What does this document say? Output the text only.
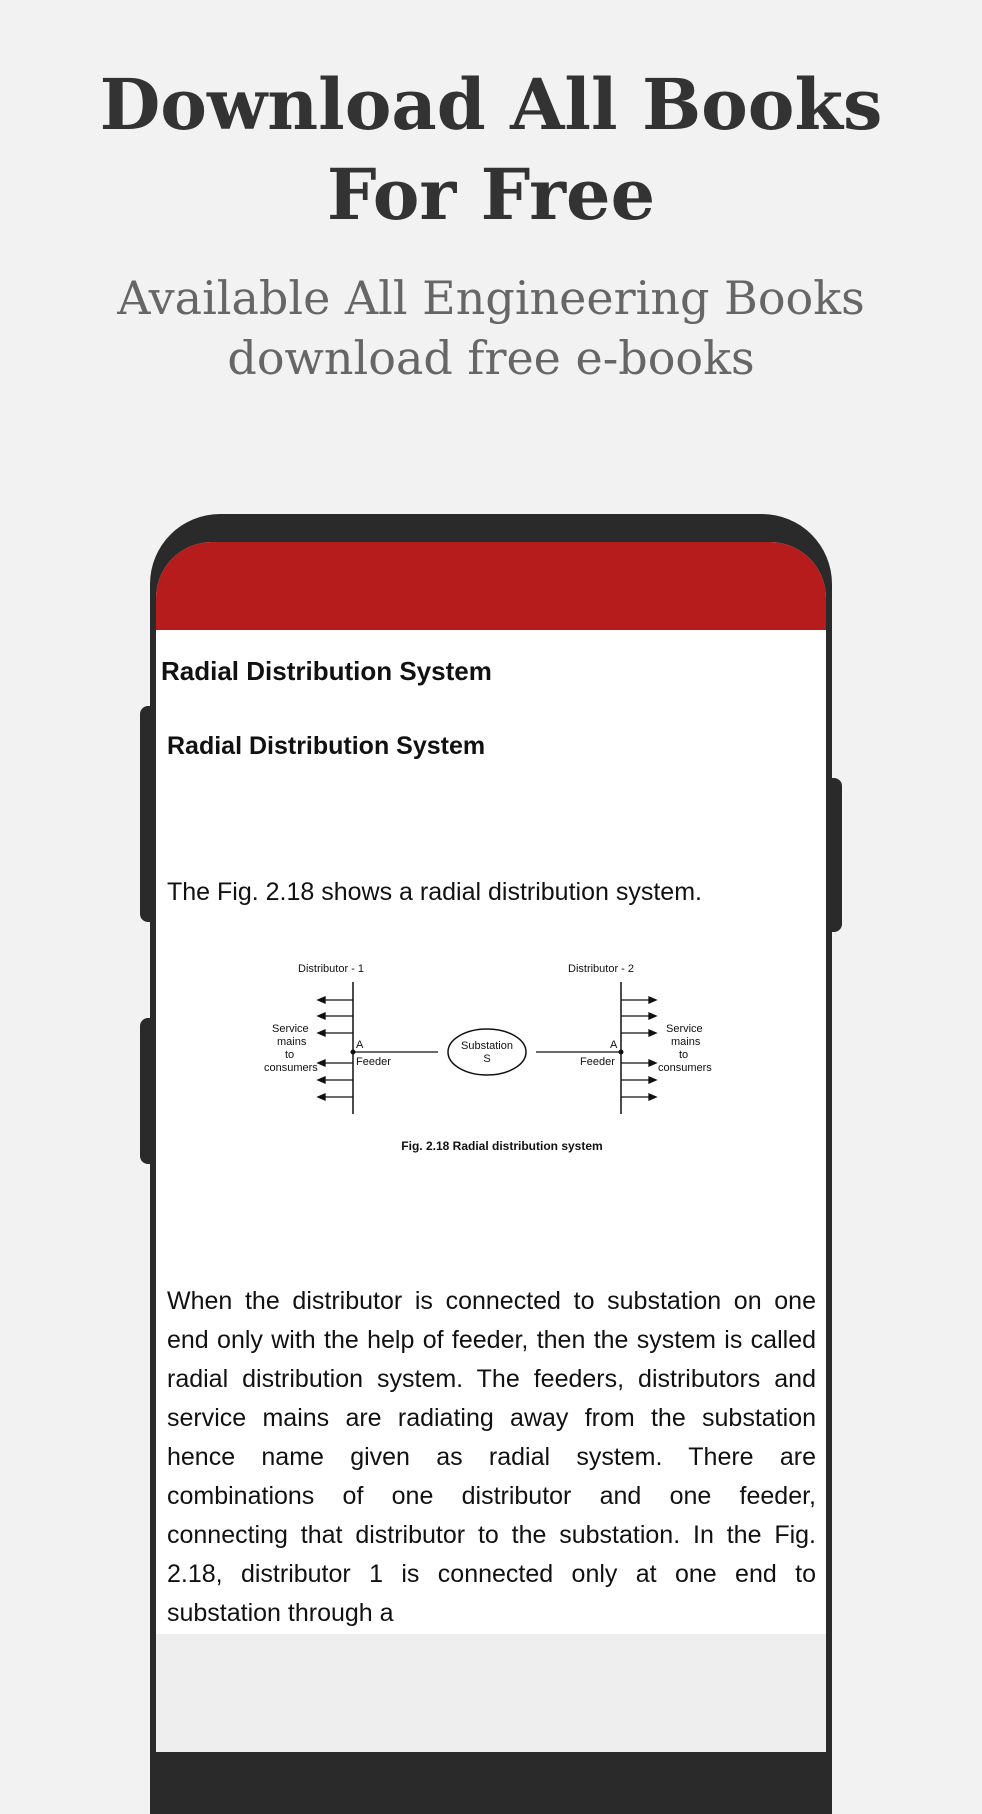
Download All Books
For Free

Available All Engineering Books
download free e-books

Radial Distribution System
Radial Distribution System

The Fig. 2.18 shows a radial distribution system.

Distributor - 1	Distributor - 2
Service
mains
to
consumers
Service
mains
to
consumers
A	A
Feeder	Feeder
Substation
S
Fig. 2.18 Radial distribution system

When the distributor is connected to substation on one end only with the help of feeder, then the system is called radial distribution system. The feeders, distributors and service mains are radiating away from the substation hence name given as radial system. There are combinations of one distributor and one feeder, connecting that distributor to the substation. In the Fig. 2.18, distributor 1 is connected only at one end to substation through a
